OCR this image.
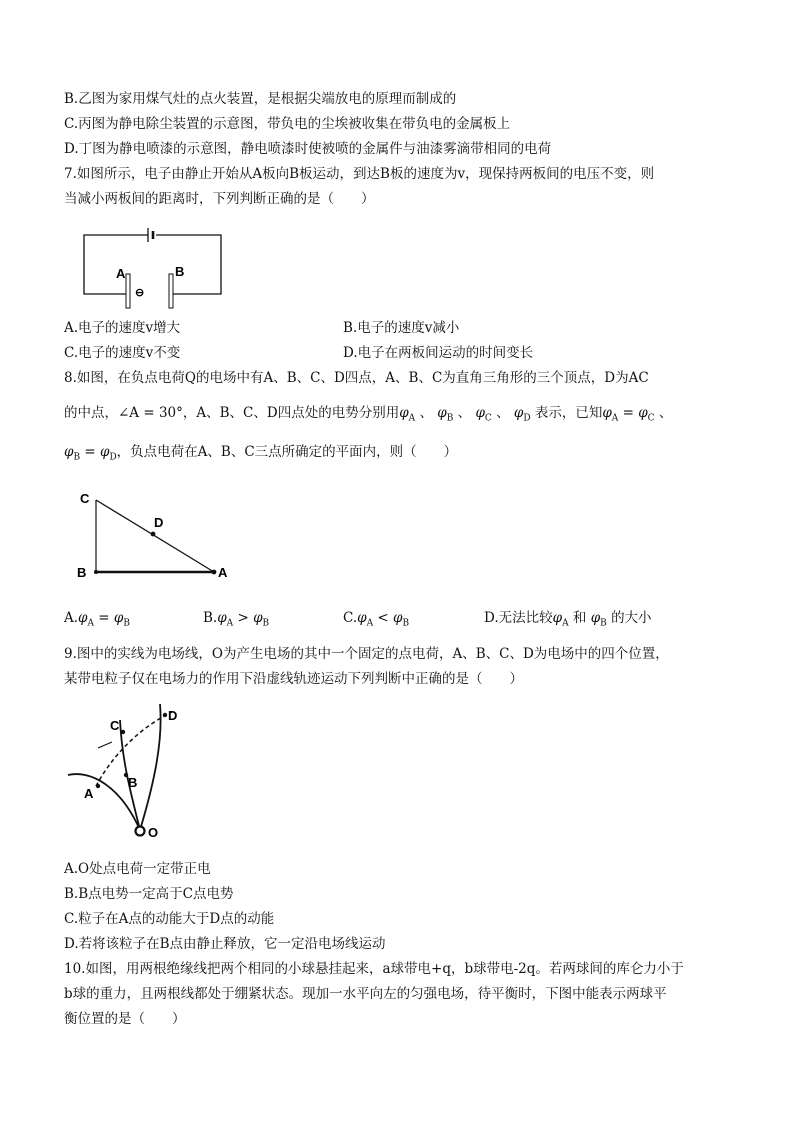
B.乙图为家用煤气灶的点火装置，是根据尖端放电的原理而制成的
C.丙图为静电除尘装置的示意图，带负电的尘埃被收集在带负电的金属板上
D.丁图为静电喷漆的示意图，静电喷漆时使被喷的金属件与油漆雾滴带相同的电荷
7.如图所示，电子由静止开始从A板向B板运动，到达B板的速度为v，现保持两板间的电压不变，则
当减小两板间的距离时，下列判断正确的是（　　）
A	B
⊖
A.电子的速度v增大	B.电子的速度v减小
C.电子的速度v不变	D.电子在两板间运动的时间变长
8.如图，在负点电荷Q的电场中有A、B、C、D四点，A、B、C为直角三角形的三个顶点，D为AC
的中点，∠A = 30°，A、B、C、D四点处的电势分别用$\varphi_A$ 、 $\varphi_B$ 、 $\varphi_C$ 、 $\varphi_D$ 表示，已知$\varphi_A = \varphi_C$ 、
$\varphi_B = \varphi_D$，负点电荷在A、B、C三点所确定的平面内，则（　　）
C
D
B	A
$A.\varphi_A = \varphi_B$	$B.\varphi_A > \varphi_B$	$C.\varphi_A < \varphi_B$	D.无法比较$\varphi_A$ 和 $\varphi_B$ 的大小
9.图中的实线为电场线，O为产生电场的其中一个固定的点电荷，A、B、C、D为电场中的四个位置，
某带电粒子仅在电场力的作用下沿虚线轨迹运动下列判断中正确的是（　　）
C
D
B
A
O
A.O处点电荷一定带正电
B.B点电势一定高于C点电势
C.粒子在A点的动能大于D点的动能
D.若将该粒子在B点由静止释放，它一定沿电场线运动
10.如图，用两根绝缘线把两个相同的小球悬挂起来，a球带电+q，b球带电-2q。若两球间的库仑力小于
b球的重力，且两根线都处于绷紧状态。现加一水平向左的匀强电场，待平衡时，下图中能表示两球平
衡位置的是（　　）
